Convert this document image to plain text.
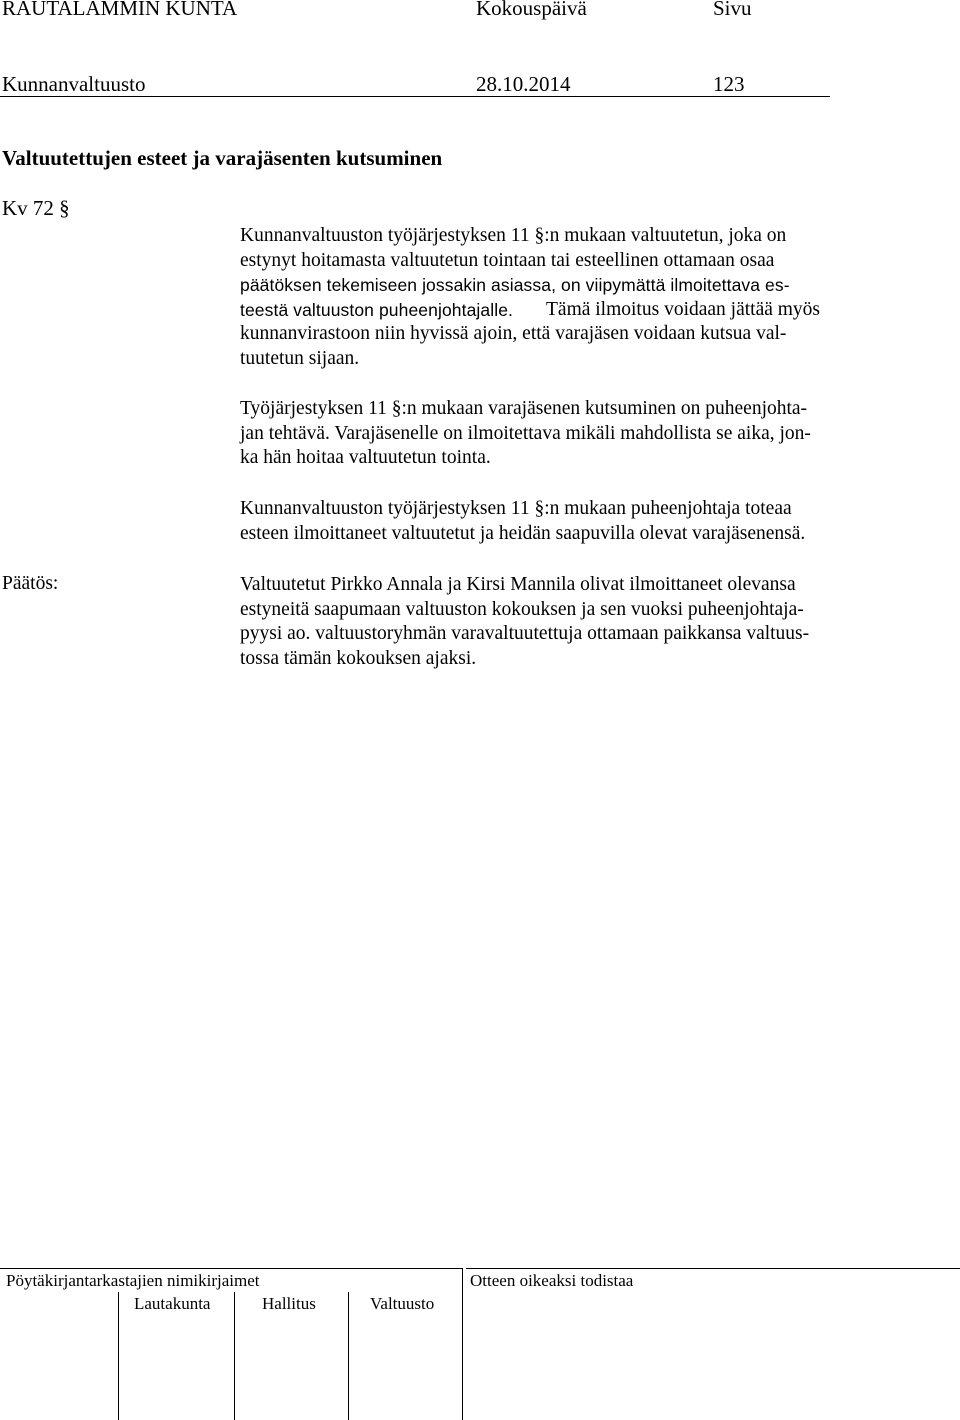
RAUTALAMMIN KUNTA	Kokouspäivä	Sivu
Kunnanvaltuusto	28.10.2014	123
Valtuutettujen esteet ja varajäsenten kutsuminen
Kv 72 §
Kunnanvaltuuston työjärjestyksen 11 §:n mukaan valtuutetun, joka on
estynyt hoitamasta valtuutetun tointaan tai esteellinen ottamaan osaa
päätöksen tekemiseen jossakin asiassa, on viipymättä ilmoitettava es-
teestä valtuuston puheenjohtajalle.	Tämä ilmoitus voidaan jättää myös
kunnanvirastoon niin hyvissä ajoin, että varajäsen voidaan kutsua val-
tuutetun sijaan.
Työjärjestyksen 11 §:n mukaan varajäsenen kutsuminen on puheenjohta-
jan tehtävä. Varajäsenelle on ilmoitettava mikäli mahdollista se aika, jon-
ka hän hoitaa valtuutetun tointa.
Kunnanvaltuuston työjärjestyksen 11 §:n mukaan puheenjohtaja toteaa
esteen ilmoittaneet valtuutetut ja heidän saapuvilla olevat varajäsenensä.
Päätös:	Valtuutetut Pirkko Annala ja Kirsi Mannila olivat ilmoittaneet olevansa
estyneitä saapumaan valtuuston kokouksen ja sen vuoksi puheenjohtaja-
pyysi ao. valtuustoryhmän varavaltuutettuja ottamaan paikkansa valtuus-
tossa tämän kokouksen ajaksi.
Pöytäkirjantarkastajien nimikirjaimet	Otteen oikeaksi todistaa
Lautakunta	Hallitus	Valtuusto
